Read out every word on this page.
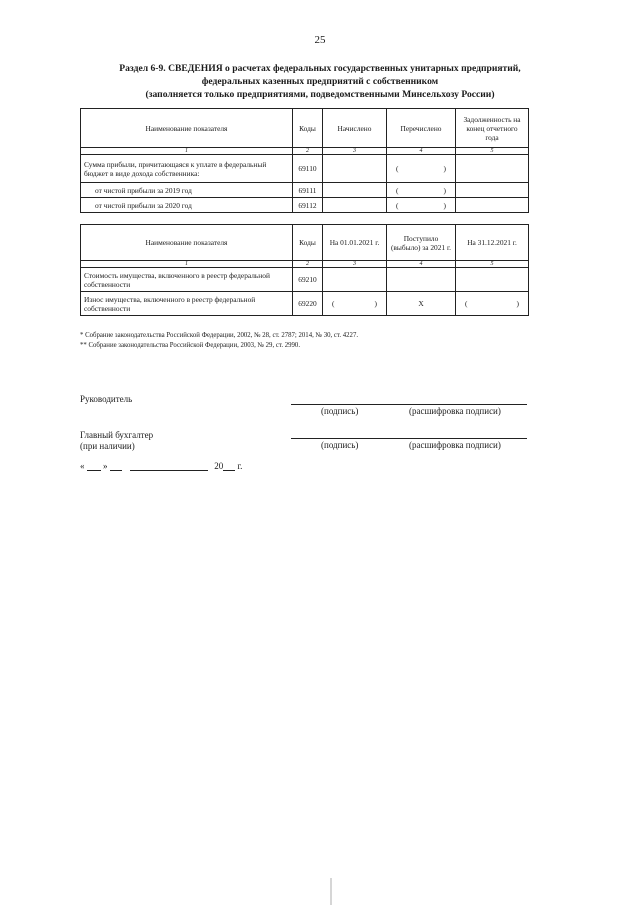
25
Раздел 6-9. СВЕДЕНИЯ о расчетах федеральных государственных унитарных предприятий,
федеральных казенных предприятий с собственником
(заполняется только предприятиями, подведомственными Минсельхозу России)
Наименование показателя	Коды	Начислено	Перечислено	Задолженность на конец отчетного года
1	2	3	4	5
Сумма прибыли, причитающаяся к уплате в федеральный бюджет в виде дохода собственника:	69110		( )	

от чистой прибыли за 2019 год	69111		( )	

от чистой прибыли за 2020 год	69112		( )	

Наименование показателя	Коды	На 01.01.2021 г.	Поступило (выбыло) за 2021 г.	На 31.12.2021 г.
1	2	3	4	5
Стоимость имущества, включенного в реестр федеральной собственности	69210			
Износ имущества, включенного в реестр федеральной собственности	69220	( )	X	( )
* Собрание законодательства Российской Федерации, 2002, № 28, ст. 2787; 2014, № 30, ст. 4227.
** Собрание законодательства Российской Федерации, 2003, № 29, ст. 2990.
Руководитель
(подпись)	(расшифровка подписи)
Главный бухгалтер
(при наличии)	(подпись)	(расшифровка подписи)
« »	20 г.
